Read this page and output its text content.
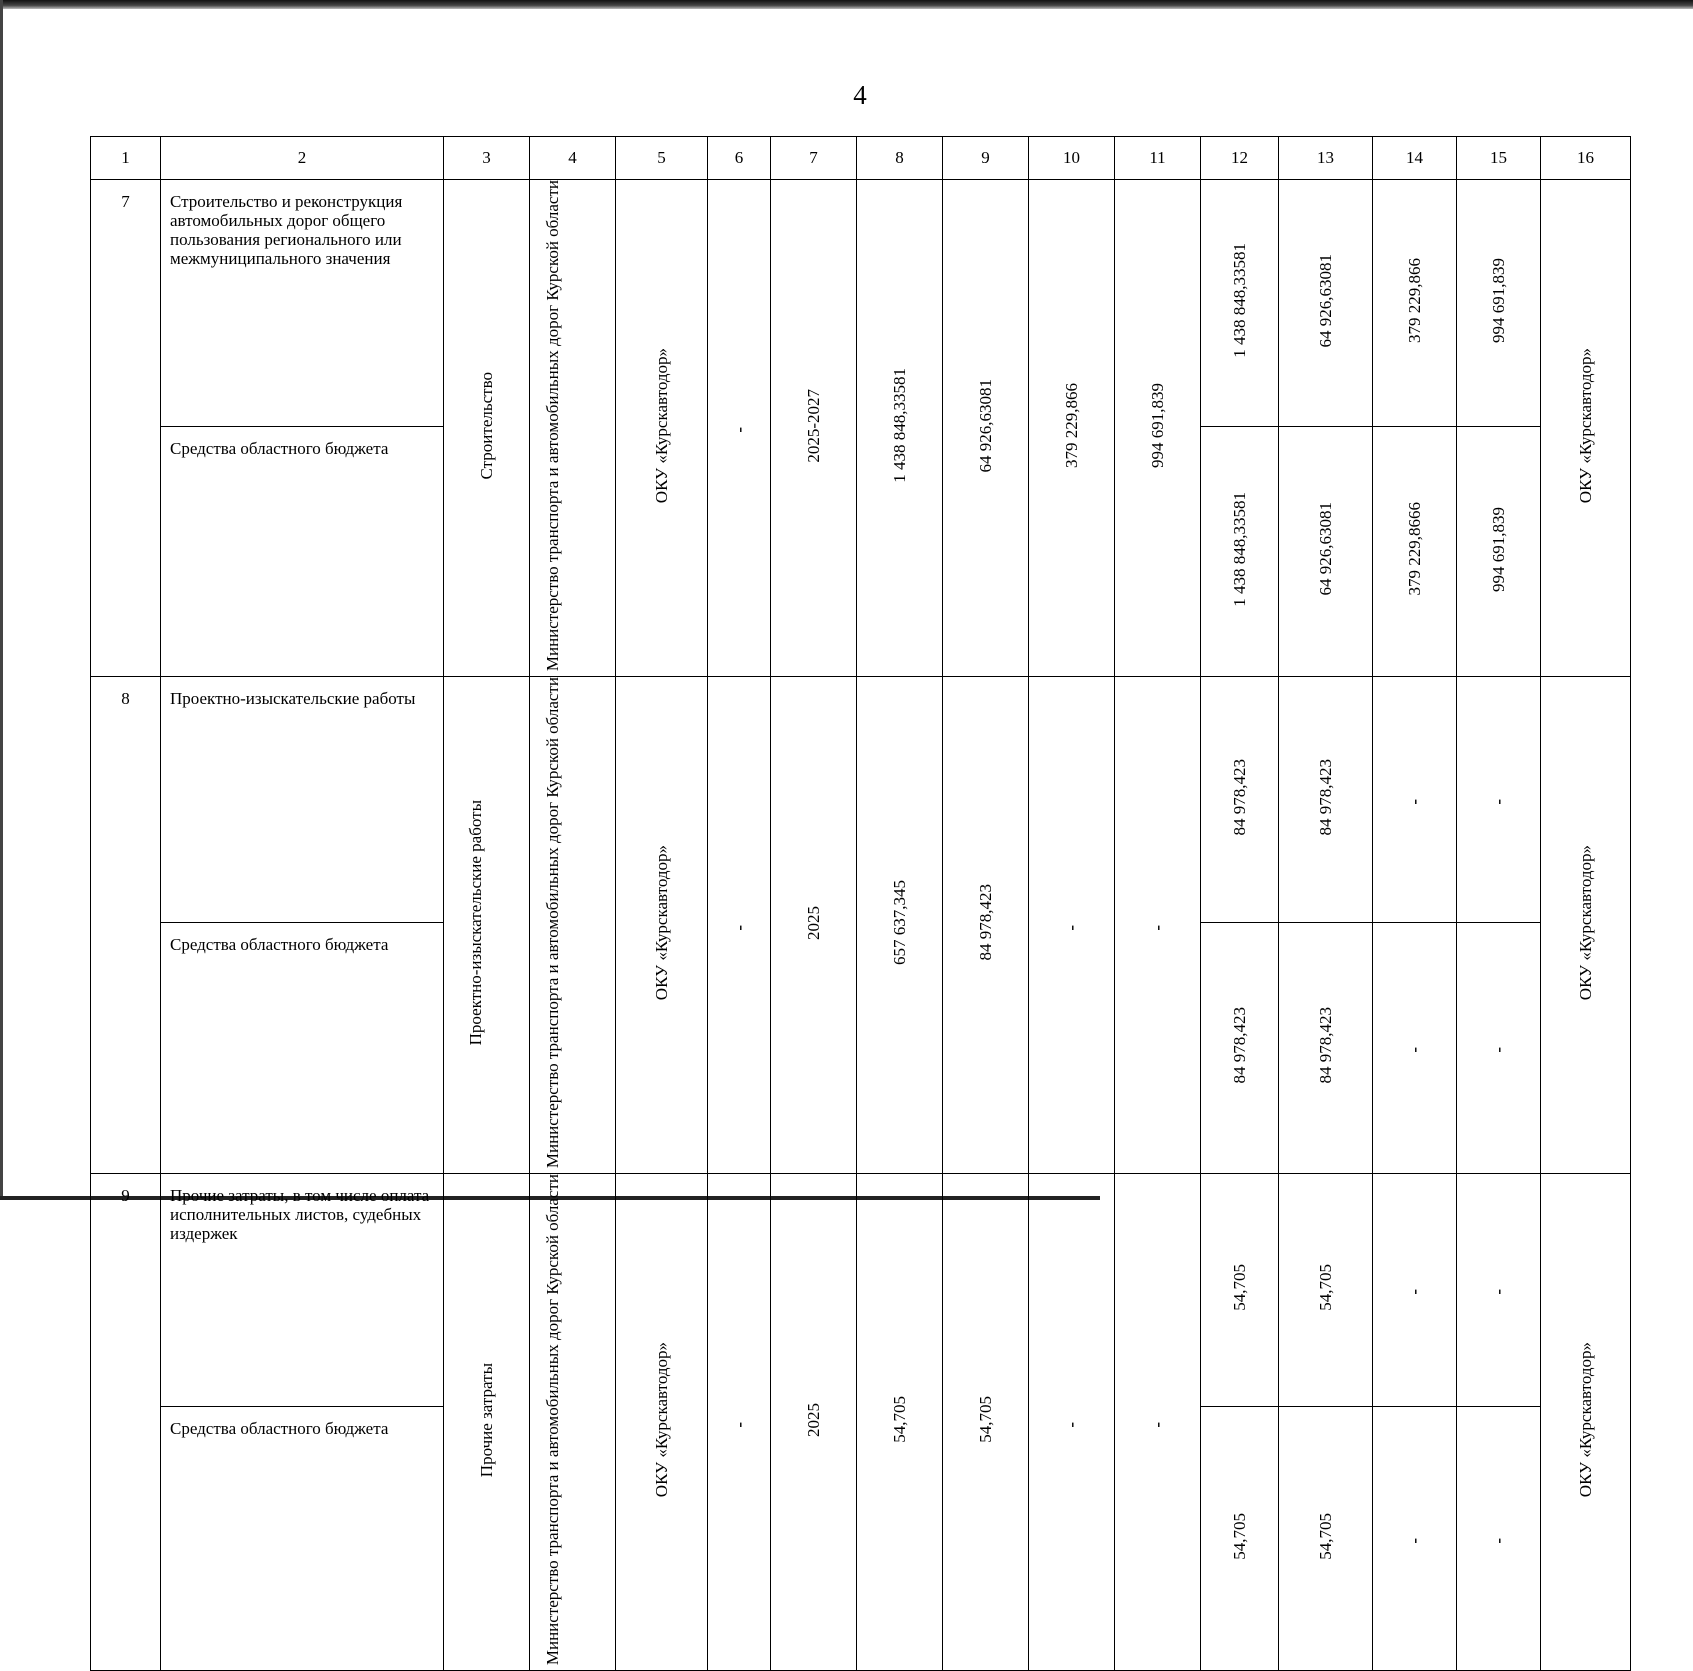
4
1	2	3	4	5	6	7	8	9	10	11	12	13	14	15	16
7	Строительство и реконструкция автомобильных дорог общего пользования регионального или межмуниципального значения	Строительство	Министерство транспорта и автомобильных дорог Курской области	ОКУ «Курскавтодор»	-	2025-2027	1 438 848,33581	64 926,63081	379 229,866	994 691,839	1 438 848,33581	64 926,63081	379 229,866	994 691,839	ОКУ «Курскавтодор»
	Средства областного бюджета										1 438 848,33581	64 926,63081	379 229,8666	994 691,839	
8	Проектно-изыскательские работы	Проектно-изыскательские работы	Министерство транспорта и автомобильных дорог Курской области	ОКУ «Курскавтодор»	-	2025	657 637,345	84 978,423	-	-	84 978,423	84 978,423	-	-	ОКУ «Курскавтодор»
	Средства областного бюджета										84 978,423	84 978,423	-	-	
9	Прочие затраты, в том числе оплата исполнительных листов, судебных издержек	Прочие затраты	Министерство транспорта и автомобильных дорог Курской области	ОКУ «Курскавтодор»	-	2025	54,705	54,705	-	-	54,705	54,705	-	-	ОКУ «Курскавтодор»
	Средства областного бюджета										54,705	54,705	-	-	
